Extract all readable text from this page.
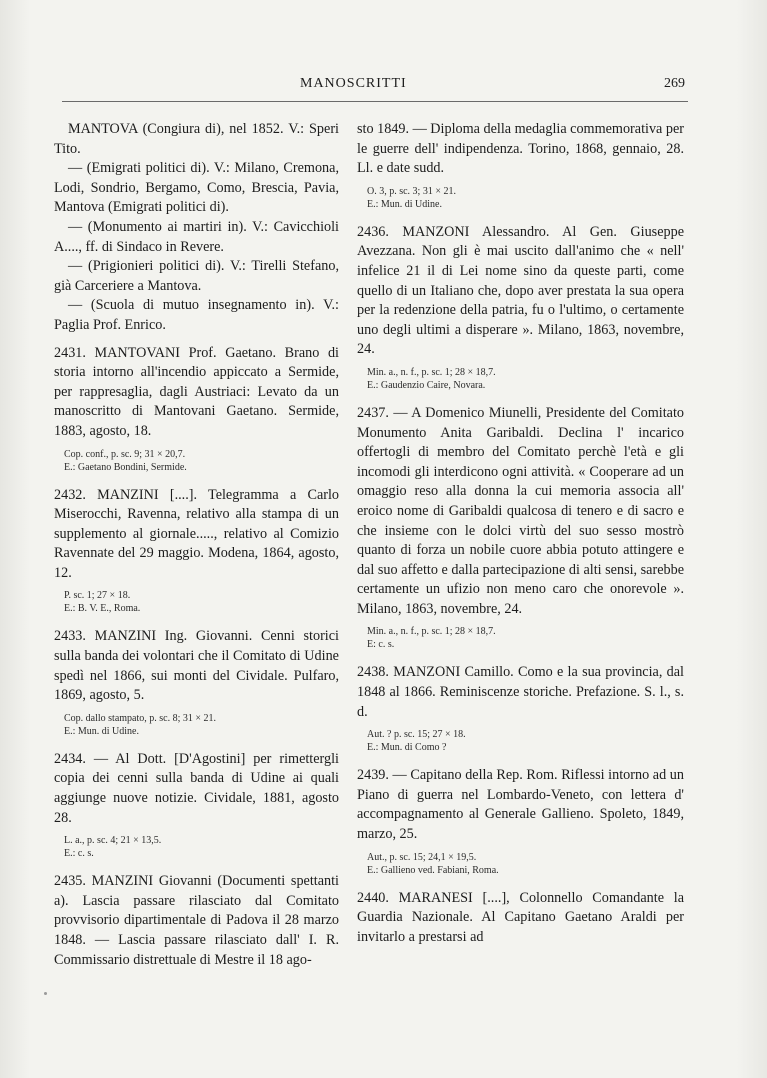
MANOSCRITTI	269

MANTOVA (Congiura di), nel 1852. V.: Speri Tito.

— (Emigrati politici di). V.: Milano, Cremona, Lodi, Sondrio, Bergamo, Como, Brescia, Pavia, Mantova (Emigrati politici di).

— (Monumento ai martiri in). V.: Cavicchioli A...., ff. di Sindaco in Revere.

— (Prigionieri politici di). V.: Tirelli Stefano, già Carceriere a Mantova.

— (Scuola di mutuo insegnamento in). V.: Paglia Prof. Enrico.

2431. MANTOVANI Prof. Gaetano. Brano di storia intorno all'incendio appiccato a Sermide, per rappresaglia, dagli Austriaci: Levato da un manoscritto di Mantovani Gaetano. Sermide, 1883, agosto, 18.

Cop. conf., p. sc. 9; 31 × 20,7.
E.: Gaetano Bondini, Sermide.

2432. MANZINI [....]. Telegramma a Carlo Miserocchi, Ravenna, relativo alla stampa di un supplemento al giornale....., relativo al Comizio Ravennate del 29 maggio. Modena, 1864, agosto, 12.

P. sc. 1; 27 × 18.
E.: B. V. E., Roma.

2433. MANZINI Ing. Giovanni. Cenni storici sulla banda dei volontari che il Comitato di Udine spedì nel 1866, sui monti del Cividale. Pulfaro, 1869, agosto, 5.

Cop. dallo stampato, p. sc. 8; 31 × 21.
E.: Mun. di Udine.

2434. — Al Dott. [D'Agostini] per rimettergli copia dei cenni sulla banda di Udine ai quali aggiunge nuove notizie. Cividale, 1881, agosto 28.

L. a., p. sc. 4; 21 × 13,5.
E.: c. s.

2435. MANZINI Giovanni (Documenti spettanti a). Lascia passare rilasciato dal Comitato provvisorio dipartimentale di Padova il 28 marzo 1848. — Lascia passare rilasciato dall' I. R. Commissario distrettuale di Mestre il 18 ago-

sto 1849. — Diploma della medaglia commemorativa per le guerre dell' indipendenza. Torino, 1868, gennaio, 28. Ll. e date sudd.

O. 3, p. sc. 3; 31 × 21.
E.: Mun. di Udine.

2436. MANZONI Alessandro. Al Gen. Giuseppe Avezzana. Non gli è mai uscito dall'animo che « nell' infelice 21 il di Lei nome sino da queste parti, come quello di un Italiano che, dopo aver prestata la sua opera per la redenzione della patria, fu o l'ultimo, o certamente uno degli ultimi a disperare ». Milano, 1863, novembre, 24.

Min. a., n. f., p. sc. 1; 28 × 18,7.
E.: Gaudenzio Caire, Novara.

2437. — A Domenico Miunelli, Presidente del Comitato Monumento Anita Garibaldi. Declina l' incarico offertogli di membro del Comitato perchè l'età e gli incomodi gli interdicono ogni attività. « Cooperare ad un omaggio reso alla donna la cui memoria associa all' eroico nome di Garibaldi qualcosa di tenero e di sacro e che insieme con le dolci virtù del suo sesso mostrò quanto di forza un nobile cuore abbia potuto attingere e dal suo affetto e dalla partecipazione di alti sensi, sarebbe certamente un ufizio non meno caro che onorevole ». Milano, 1863, novembre, 24.

Min. a., n. f., p. sc. 1; 28 × 18,7.
E: c. s.

2438. MANZONI Camillo. Como e la sua provincia, dal 1848 al 1866. Reminiscenze storiche. Prefazione. S. l., s. d.

Aut. ? p. sc. 15; 27 × 18.
E.: Mun. di Como ?

2439. — Capitano della Rep. Rom. Riflessi intorno ad un Piano di guerra nel Lombardo-Veneto, con lettera d' accompagnamento al Generale Gallieno. Spoleto, 1849, marzo, 25.

Aut., p. sc. 15; 24,1 × 19,5.
E.: Gallieno ved. Fabiani, Roma.

2440. MARANESI [....], Colonnello Comandante la Guardia Nazionale. Al Capitano Gaetano Araldi per invitarlo a prestarsi ad
